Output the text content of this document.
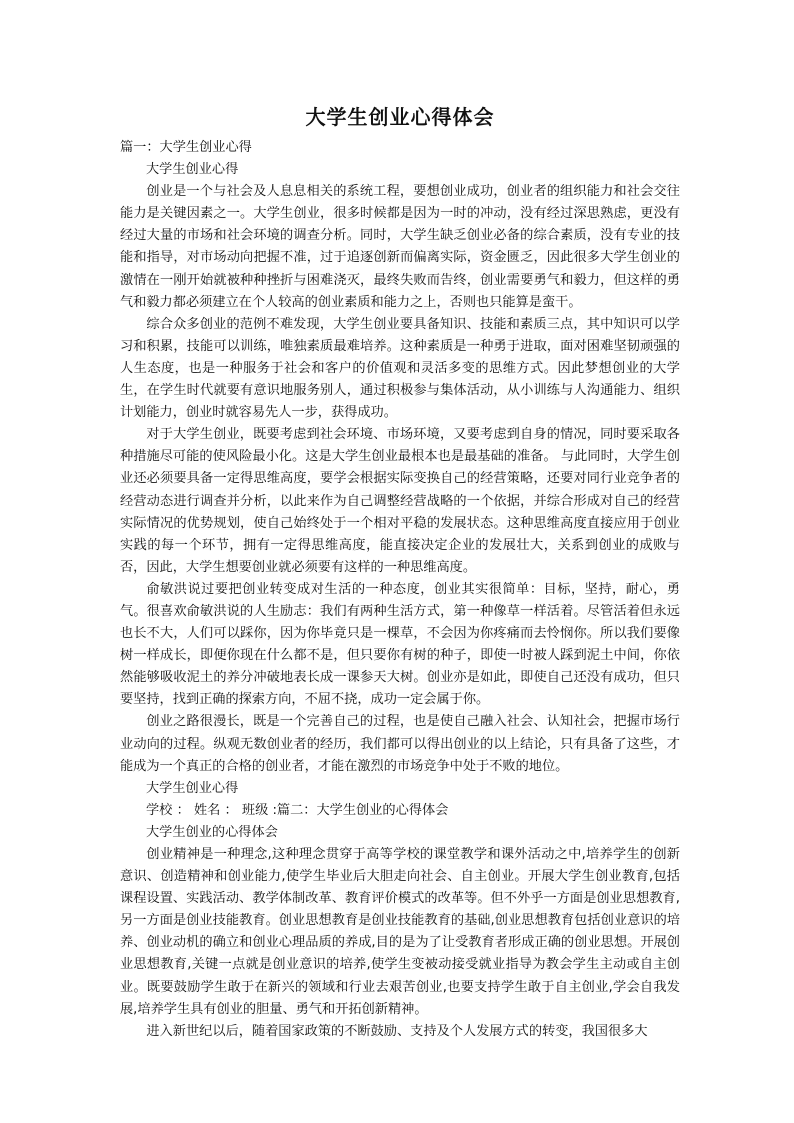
大学生创业心得体会

篇一：大学生创业心得

大学生创业心得

创业是一个与社会及人息息相关的系统工程，要想创业成功，创业者的组织能力和社会交往能力是关键因素之一。大学生创业，很多时候都是因为一时的冲动，没有经过深思熟虑，更没有经过大量的市场和社会环境的调查分析。同时，大学生缺乏创业必备的综合素质，没有专业的技能和指导，对市场动向把握不准，过于追逐创新而偏离实际，资金匮乏，因此很多大学生创业的激情在一刚开始就被种种挫折与困难浇灭，最终失败而告终，创业需要勇气和毅力，但这样的勇气和毅力都必须建立在个人较高的创业素质和能力之上，否则也只能算是蛮干。

综合众多创业的范例不难发现，大学生创业要具备知识、技能和素质三点，其中知识可以学习和积累，技能可以训练，唯独素质最难培养。这种素质是一种勇于进取，面对困难坚韧顽强的人生态度，也是一种服务于社会和客户的价值观和灵活多变的思维方式。因此梦想创业的大学生，在学生时代就要有意识地服务别人，通过积极参与集体活动，从小训练与人沟通能力、组织计划能力，创业时就容易先人一步，获得成功。

对于大学生创业，既要考虑到社会环境、市场环境，又要考虑到自身的情况，同时要采取各种措施尽可能的使风险最小化。这是大学生创业最根本也是最基础的准备。 与此同时，大学生创业还必须要具备一定得思维高度，要学会根据实际变换自己的经营策略，还要对同行业竞争者的经营动态进行调查并分析，以此来作为自己调整经营战略的一个依据，并综合形成对自己的经营实际情况的优势规划，使自己始终处于一个相对平稳的发展状态。这种思维高度直接应用于创业实践的每一个环节，拥有一定得思维高度，能直接决定企业的发展壮大，关系到创业的成败与否，因此，大学生想要创业就必须要有这样的一种思维高度。

俞敏洪说过要把创业转变成对生活的一种态度，创业其实很简单：目标，坚持，耐心，勇气。很喜欢俞敏洪说的人生励志：我们有两种生活方式，第一种像草一样活着。尽管活着但永远也长不大，人们可以踩你，因为你毕竟只是一棵草，不会因为你疼痛而去怜悯你。所以我们要像树一样成长，即便你现在什么都不是，但只要你有树的种子，即使一时被人踩到泥土中间，你依然能够吸收泥土的养分冲破地表长成一课参天大树。创业亦是如此，即使自己还没有成功，但只要坚持，找到正确的探索方向，不屈不挠，成功一定会属于你。

创业之路很漫长，既是一个完善自己的过程，也是使自己融入社会、认知社会，把握市场行业动向的过程。纵观无数创业者的经历，我们都可以得出创业的以上结论，只有具备了这些，才能成为一个真正的合格的创业者，才能在激烈的市场竞争中处于不败的地位。

大学生创业心得

学校 ： 姓名 ： 班级 :篇二：大学生创业的心得体会

大学生创业的心得体会

创业精神是一种理念,这种理念贯穿于高等学校的课堂教学和课外活动之中,培养学生的创新意识、创造精神和创业能力,使学生毕业后大胆走向社会、自主创业。开展大学生创业教育,包括课程设置、实践活动、教学体制改革、教育评价模式的改革等。但不外乎一方面是创业思想教育,另一方面是创业技能教育。创业思想教育是创业技能教育的基础,创业思想教育包括创业意识的培养、创业动机的确立和创业心理品质的养成,目的是为了让受教育者形成正确的创业思想。开展创业思想教育,关键一点就是创业意识的培养,使学生变被动接受就业指导为教会学生主动或自主创业。既要鼓励学生敢于在新兴的领域和行业去艰苦创业,也要支持学生敢于自主创业,学会自我发展,培养学生具有创业的胆量、勇气和开拓创新精神。

进入新世纪以后，随着国家政策的不断鼓励、支持及个人发展方式的转变，我国很多大
